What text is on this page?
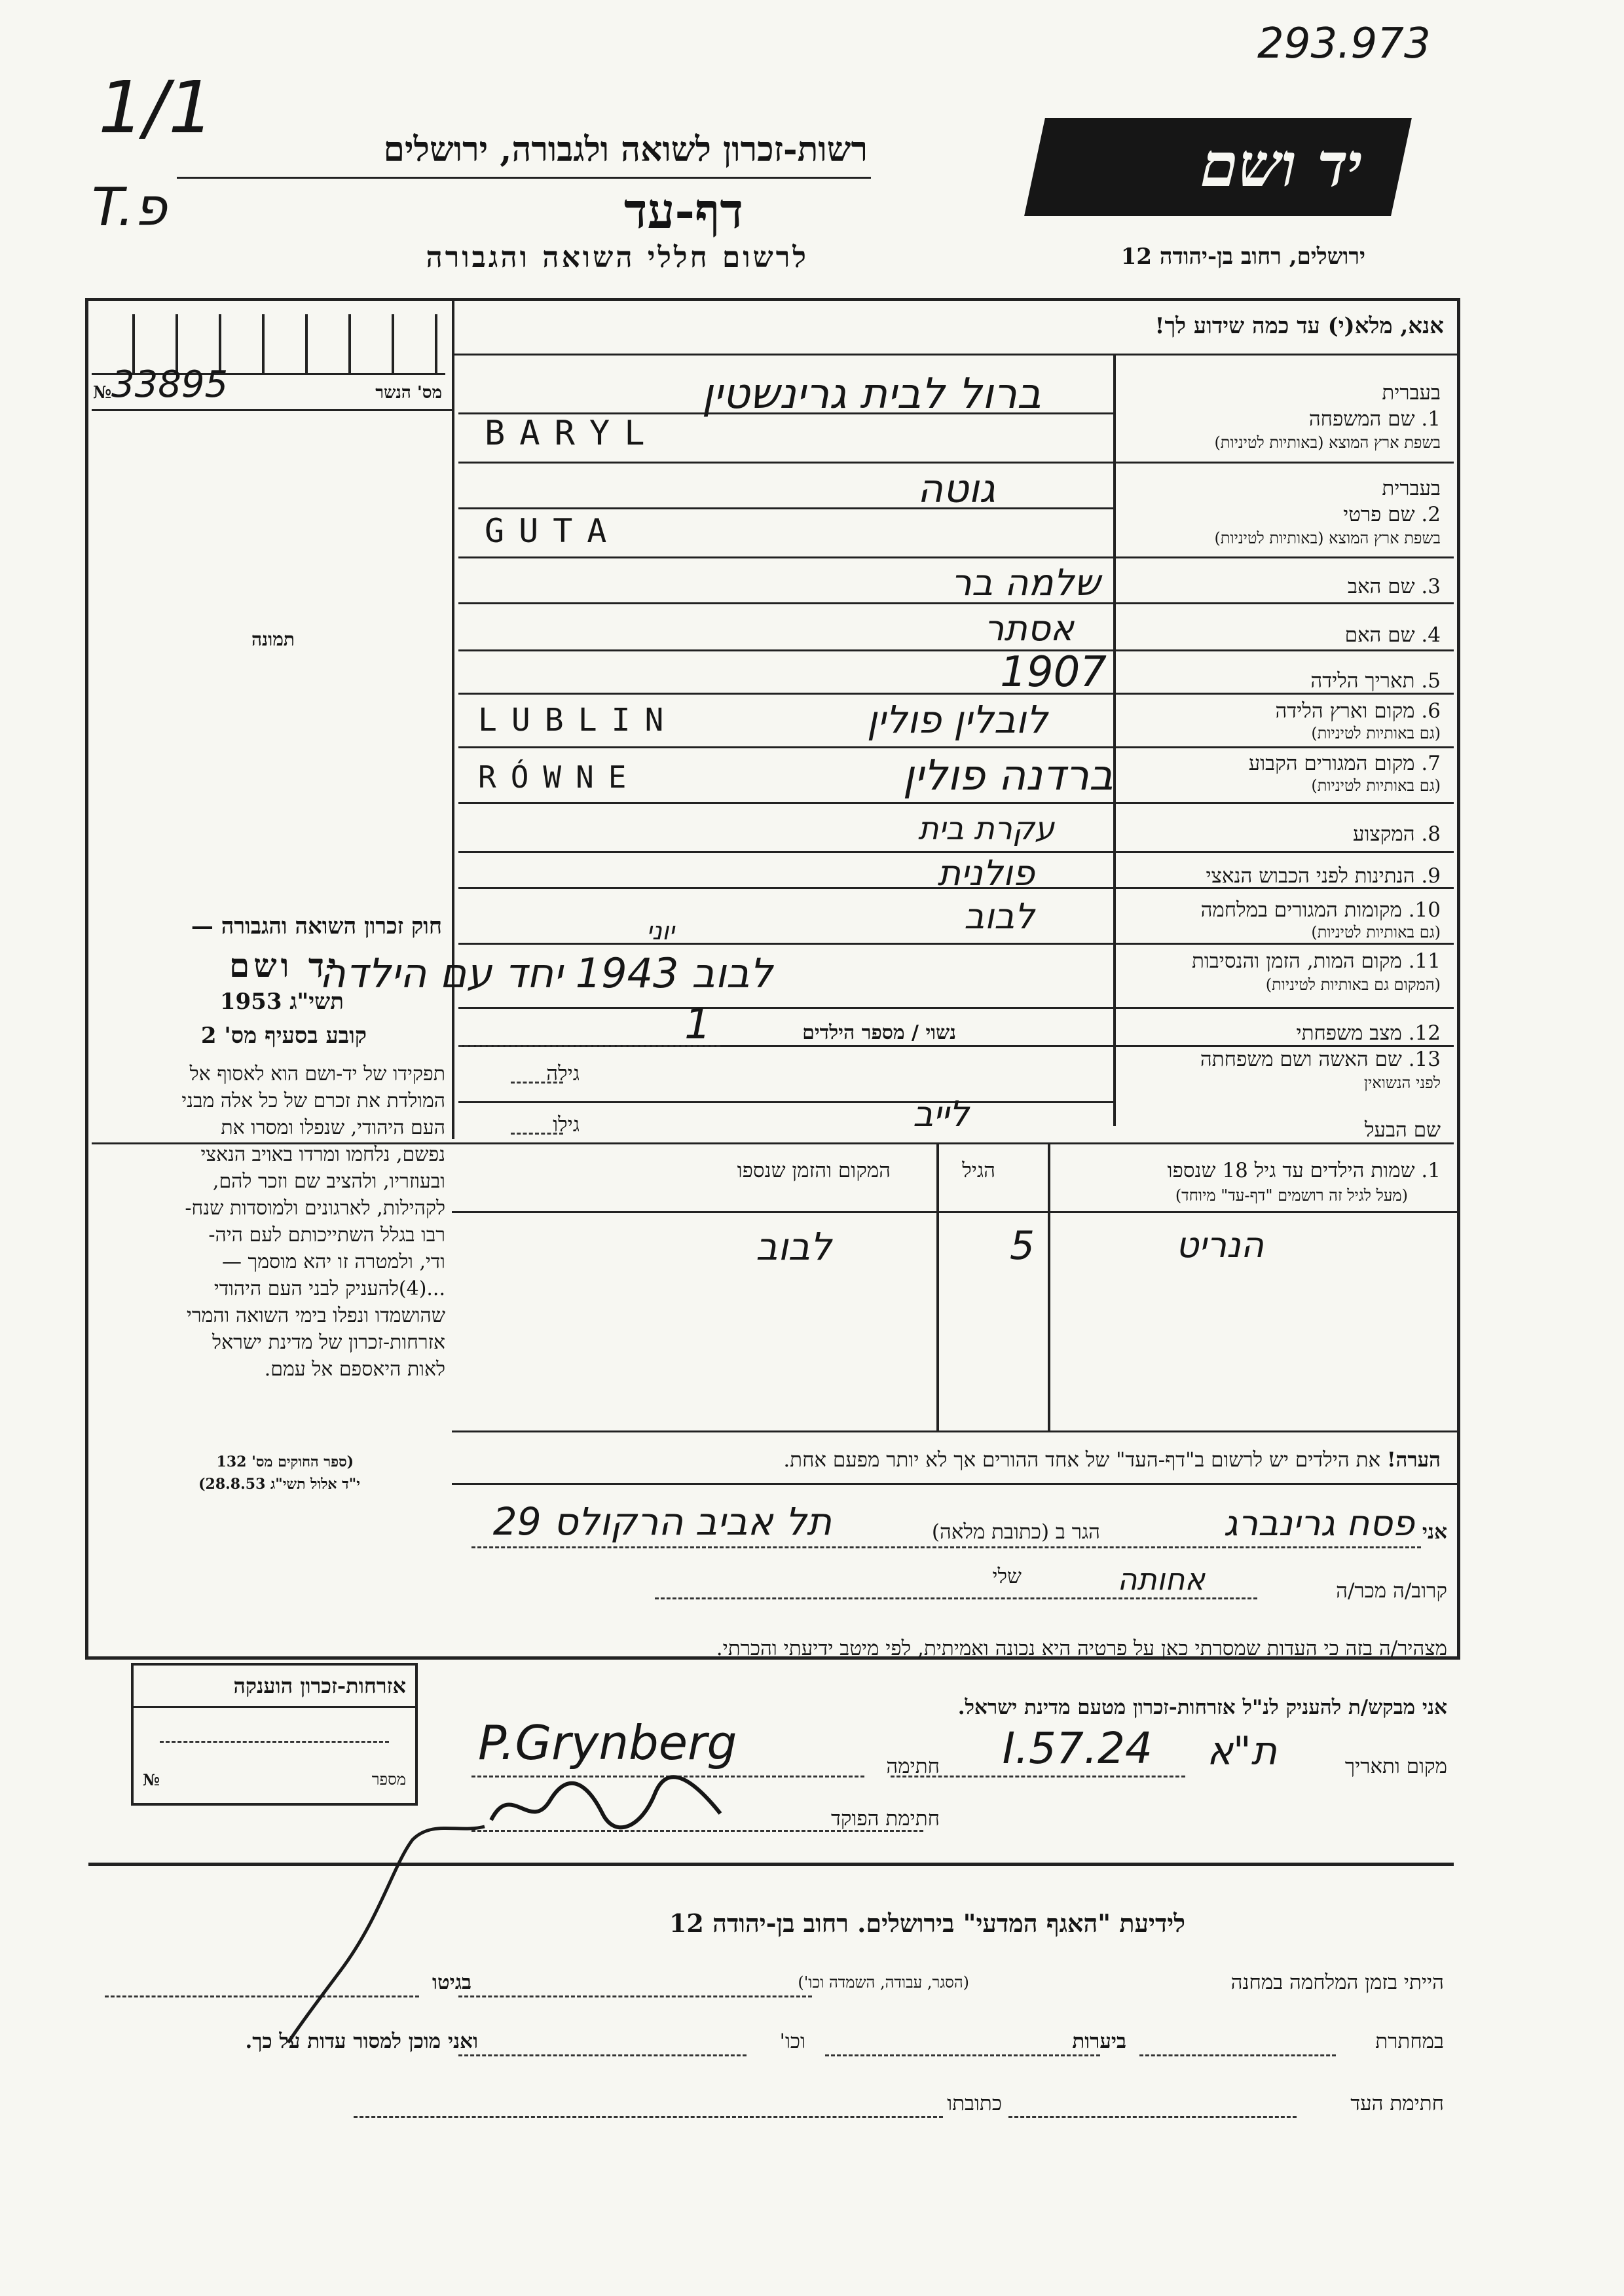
293.973
1/1
T.פ
רשות-זכרון לשואה ולגבורה, ירושלים
דף-עד
לרשום חללי השואה והגבורה
יד ושם
ירושלים, רחוב בן-יהודה 12
אנא, מלא(י) עד כמה שידוע לך!
33895
№	מס' הנשר
תמונה
בעברית
1. שם המשפחה
בשפת ארץ המוצא (באותיות לטיניות)
בעברית
2. שם פרטי
בשפת ארץ המוצא (באותיות לטיניות)
3. שם האב
4. שם האם
5. תאריך הלידה
6. מקום וארץ הלידה
(גם באותיות לטיניות)
7. מקום המגורים הקבוע
(גם באותיות לטיניות)
8. המקצוע
9. הנתינות לפני הכבוש הנאצי
10. מקומות המגורים במלחמה
(גם באותיות לטיניות)
11. מקום המות, הזמן והנסיבות
(המקום גם באותיות לטיניות)
12. מצב משפחתי
13. שם האשה ושם משפחתה
לפני הנשואין
שם הבעל
ברול לבית גרינשטין
BARYL
גוטה
GUTA
שלמה בר
אסתר
1907
לובלין פולין
LUBLIN
ברדנה פולין
RÓWNE
עקרת בית
פולנית
לבוב
יוני
לבוב 1943 יחד עם הילדה
נשוי / מספר הילדים
1
גילה
לייב
גילו
חוק זכרון השואה והגבורה —
יד ושם
תשי"ג 1953
קובע בסעיף מס' 2
תפקידו של יד-ושם הוא לאסוף אל
המולדת את זכרם של כל אלה מבני
העם היהודי, שנפלו ומסרו את
נפשם, נלחמו ומרדו באויב הנאצי
ובעוזריו, ולהציב שם וזכר להם,
לקהילות, לארגונים ולמוסדות שנח-
רבו בגלל השתייכותם לעם היה-
ודי, ולמטרה זו יהא מוסמך —
...(4)להעניק לבני העם היהודי
שהושמדו ונפלו בימי השואה והמרי
אזרחות-זכרון של מדינת ישראל
לאות היאספם אל עמם.
(ספר החוקים מס' 132
י"ד אלול תשי"ג 28.8.53)
1. שמות הילדים עד גיל 18 שנספו
(מעל לגיל זה רושמים "דף-עד" מיוחד)
הגיל
המקום והזמן שנספו
הנריט
5
לבוב
הערה! את הילדים יש לרשום ב"דף-העד" של אחד ההורים אך לא יותר מפעם אחת.
אני
פסח גרינברג
הגר ב (כתובת מלאה)
תל אביב הרקולס 29
קרוב/ה מכר/ה
שלי	אחותה
מצהיר/ה בזה כי העדות שמסרתי כאן על פרטיה היא נכונה ואמיתית, לפי מיטב ידיעתי והכרתי.
אני מבקש/ת להעניק לנ"ל אזרחות-זכרון מטעם מדינת ישראל.
מקום ותאריך
ת"א
24.I.57
חתימה
P.Grynberg
חתימת הפוקד
אזרחות-זכרון הוענקה
מספר
№
לידיעת "האגף המדעי" בירושלים. רחוב בן-יהודה 12
הייתי בזמן המלחמה במחנה
(הסגר, עבודה, השמדה וכו')
בגיטו
במחתרת
ביערות
וכו'
ואני מוכן למסור עדות על כך.
חתימת העד
כתובתו
